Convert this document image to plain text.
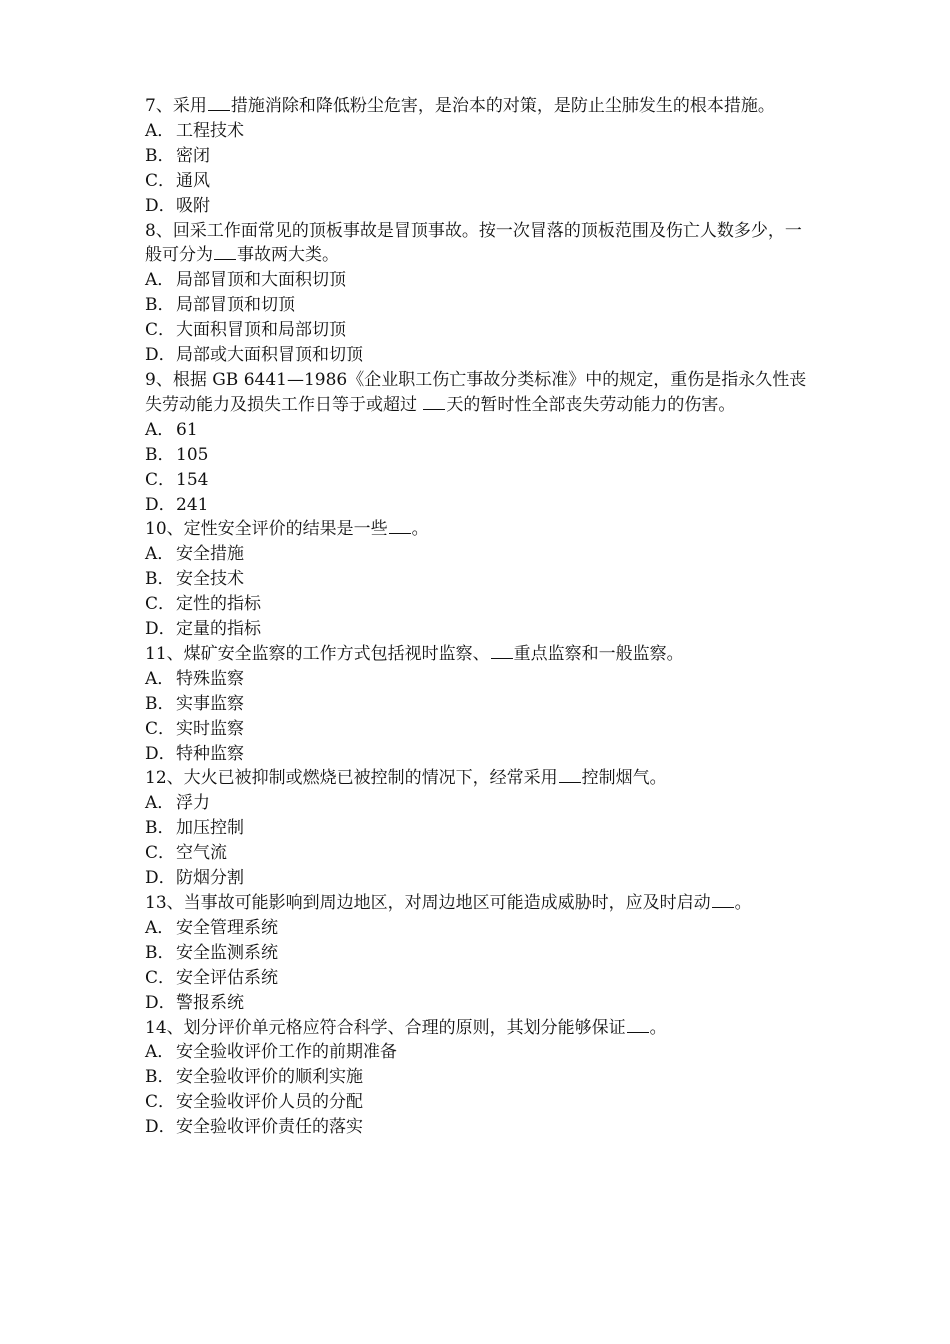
7、采用 措施消除和降低粉尘危害，是治本的对策，是防止尘肺发生的根本措施。

A． 工程技术

B．密闭

C．通风

D．吸附

8、回采工作面常见的顶板事故是冒顶事故。按一次冒落的顶板范围及伤亡人数多少，一般可分为 事故两大类。

A． 局部冒顶和大面积切顶

B．局部冒顶和切顶

C．大面积冒顶和局部切顶

D．局部或大面积冒顶和切顶

9、根据 GB 6441—1986《企业职工伤亡事故分类标准》中的规定，重伤是指永久性丧失劳动能力及损失工作日等于或超过 天的暂时性全部丧失劳动能力的伤害。

A． 61

B．105

C．154

D．241

10、定性安全评价的结果是一些 。

A． 安全措施

B．安全技术

C．定性的指标

D．定量的指标

11、煤矿安全监察的工作方式包括视时监察、 重点监察和一般监察。

A． 特殊监察

B．实事监察

C．实时监察

D．特种监察

12、大火已被抑制或燃烧已被控制的情况下，经常采用 控制烟气。

A． 浮力

B．加压控制

C．空气流

D．防烟分割

13、当事故可能影响到周边地区，对周边地区可能造成威胁时，应及时启动 。

A． 安全管理系统

B．安全监测系统

C．安全评估系统

D．警报系统

14、划分评价单元格应符合科学、合理的原则，其划分能够保证 。

A． 安全验收评价工作的前期准备

B．安全验收评价的顺利实施

C．安全验收评价人员的分配

D．安全验收评价责任的落实
